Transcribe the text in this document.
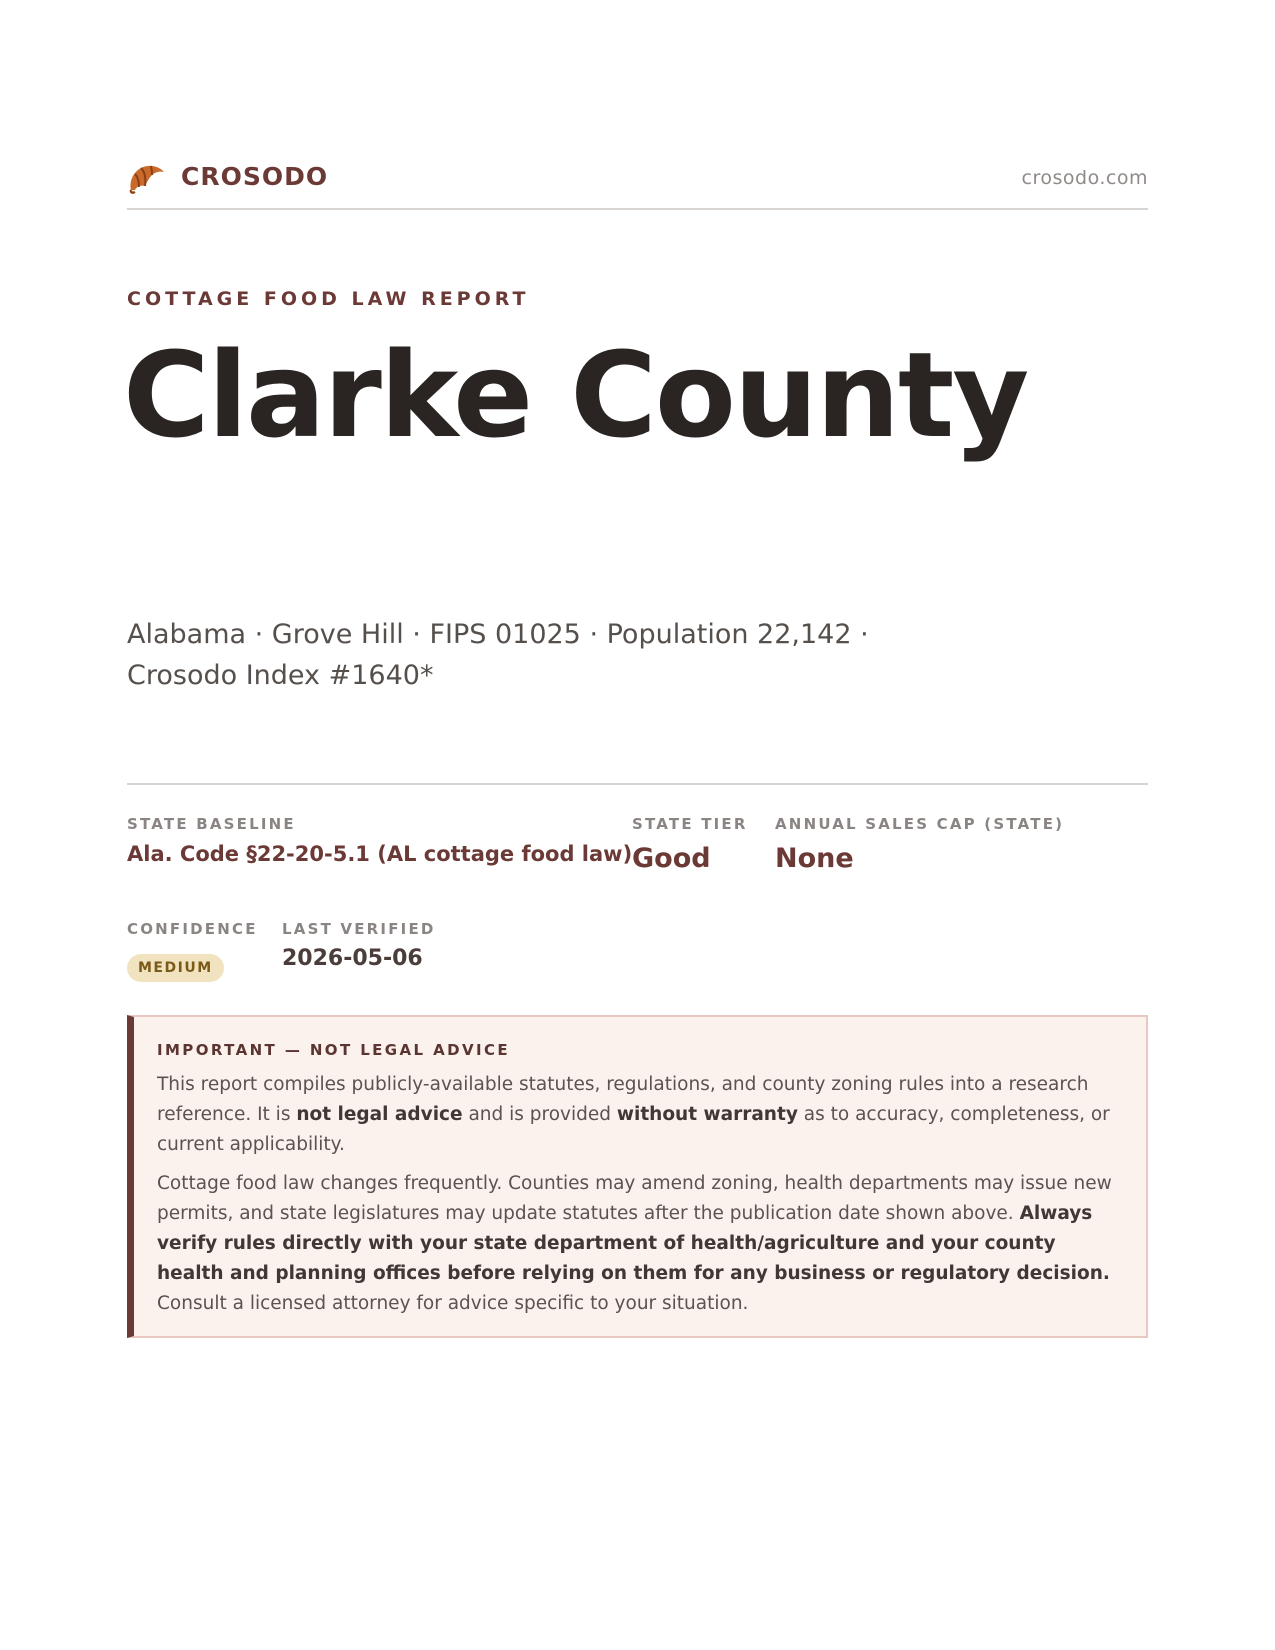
CROSODO	crosodo.com
COTTAGE FOOD LAW REPORT
Clarke County
Alabama · Grove Hill · FIPS 01025 · Population 22,142 ·
Crosodo Index #1640*
STATE BASELINE
Ala. Code §22-20-5.1 (AL cottage food law)
STATE TIER
Good
ANNUAL SALES CAP (STATE)
None
CONFIDENCE
MEDIUM
LAST VERIFIED
2026-05-06
IMPORTANT — NOT LEGAL ADVICE

This report compiles publicly-available statutes, regulations, and county zoning rules into a research reference. It is not legal advice and is provided without warranty as to accuracy, completeness, or current applicability.

Cottage food law changes frequently. Counties may amend zoning, health departments may issue new permits, and state legislatures may update statutes after the publication date shown above. Always verify rules directly with your state department of health/agriculture and your county health and planning offices before relying on them for any business or regulatory decision. Consult a licensed attorney for advice specific to your situation.
